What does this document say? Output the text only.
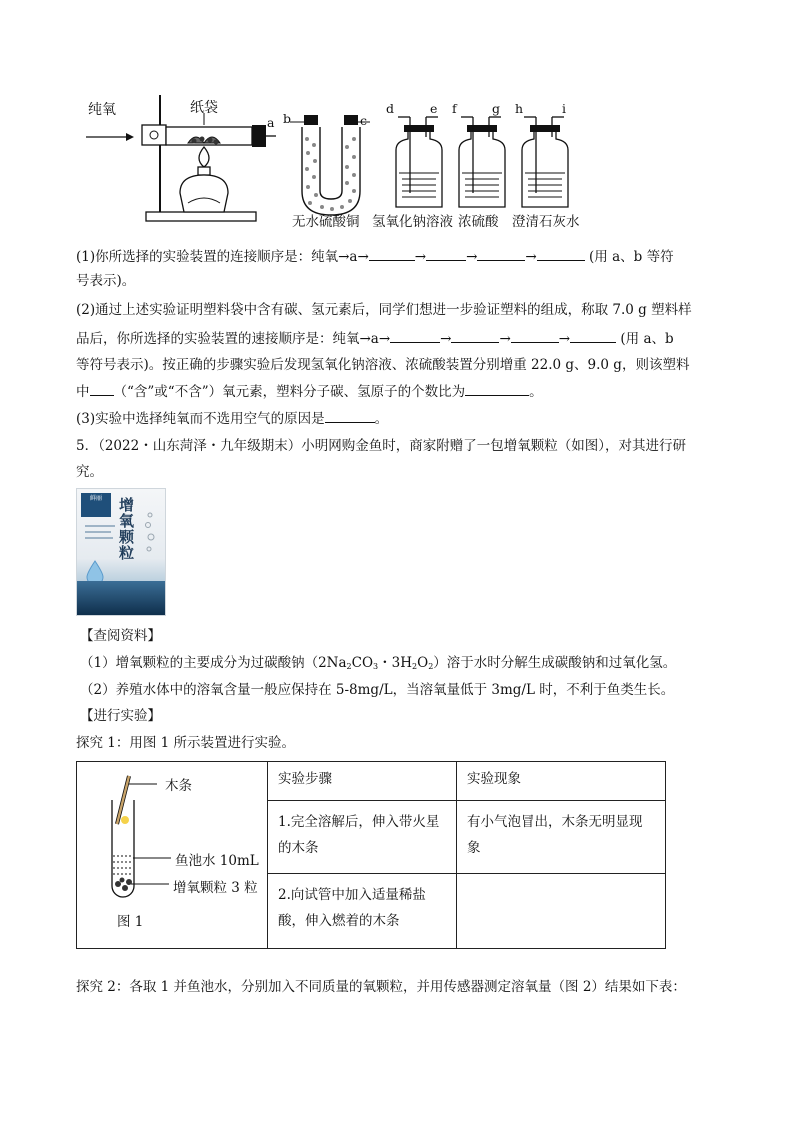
纯氧	纸袋
a b	c
d	e f	g h	i
无水硫酸铜 氢氧化钠溶液 浓硫酸 澄清石灰水
(1)你所选择的实验装置的连接顺序是：纯氧→a→	→	→	→	(用 a、b 等符
号表示)。
(2)通过上述实验证明塑料袋中含有碳、氢元素后，同学们想进一步验证塑料的组成，称取 7.0 g 塑料样
品后，你所选择的实验装置的速接顺序是：纯氧→a→	→	→	→	(用 a、b
等符号表示)。按正确的步骤实验后发现氢氧化钠溶液、浓硫酸装置分别增重 22.0 g、9.0 g，则该塑料
中 （“含”或“不含”）氧元素，塑料分子碳、氢原子的个数比为	。
(3)实验中选择纯氧而不选用空气的原因是	。
5．（2022・山东菏泽・九年级期末）小明网购金鱼时，商家附赠了一包增氧颗粒（如图），对其进行研
究。
鲜丽	增氧颗粒
【查阅资料】
（1）增氧颗粒的主要成分为过碳酸钠（$2Na_2CO_3$・$3H_2O_2$）溶于水时分解生成碳酸钠和过氧化氢。
（2）养殖水体中的溶氧含量一般应保持在 5-8mg/L，当溶氧量低于 3mg/L 时，不利于鱼类生长。
【进行实验】
探究 1：用图 1 所示装置进行实验。
木条
鱼池水 10mL
增氧颗粒 3 粒
图 1	实验步骤	实验现象

	1.完全溶解后，伸入带火星的木条	有小气泡冒出，木条无明显现象

	2.向试管中加入适量稀盐酸，伸入燃着的木条	

探究 2：各取 1 并鱼池水，分别加入不同质量的氧颗粒，并用传感器测定溶氧量（图 2）结果如下表：
